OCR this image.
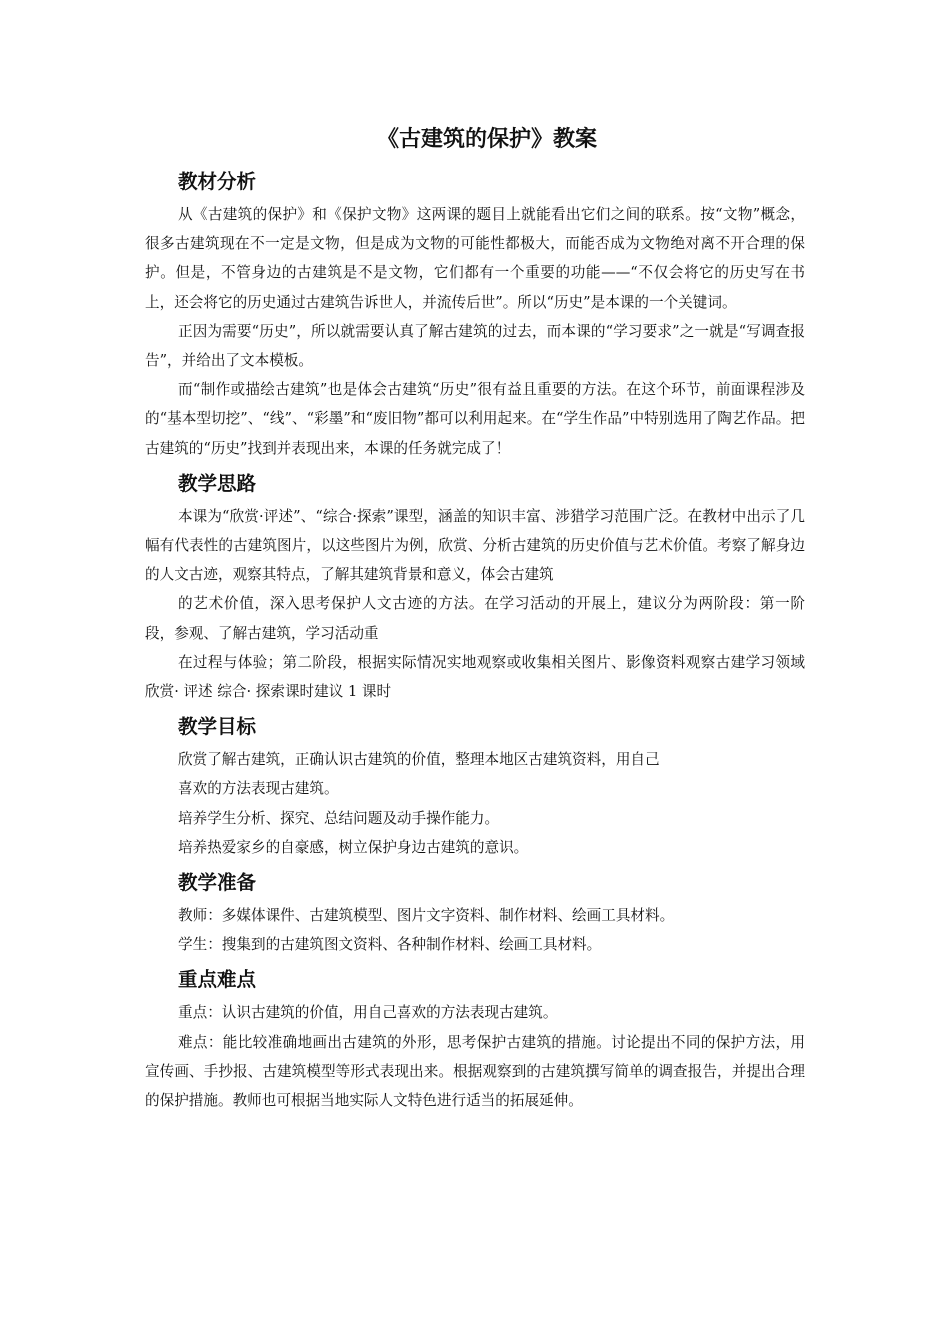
《古建筑的保护》教案
教材分析

从《古建筑的保护》和《保护文物》这两课的题目上就能看出它们之间的联系。按“文物”概念，很多古建筑现在不一定是文物，但是成为文物的可能性都极大，而能否成为文物绝对离不开合理的保护。但是，不管身边的古建筑是不是文物，它们都有一个重要的功能——“不仅会将它的历史写在书上，还会将它的历史通过古建筑告诉世人，并流传后世”。所以“历史”是本课的一个关键词。

正因为需要“历史”，所以就需要认真了解古建筑的过去，而本课的“学习要求”之一就是“写调查报告”，并给出了文本模板。

而“制作或描绘古建筑”也是体会古建筑“历史”很有益且重要的方法。在这个环节，前面课程涉及的“基本型切挖”、“线”、“彩墨”和“废旧物”都可以利用起来。在“学生作品”中特别选用了陶艺作品。把古建筑的“历史”找到并表现出来，本课的任务就完成了！

教学思路

本课为“欣赏·评述”、“综合·探索”课型，涵盖的知识丰富、涉猎学习范围广泛。在教材中出示了几幅有代表性的古建筑图片，以这些图片为例，欣赏、分析古建筑的历史价值与艺术价值。考察了解身边的人文古迹，观察其特点，了解其建筑背景和意义，体会古建筑

的艺术价值，深入思考保护人文古迹的方法。在学习活动的开展上，建议分为两阶段：第一阶段，参观、了解古建筑，学习活动重

在过程与体验；第二阶段，根据实际情况实地观察或收集相关图片、影像资料观察古建学习领域欣赏· 评述 综合· 探索课时建议 1 课时

教学目标

欣赏了解古建筑，正确认识古建筑的价值，整理本地区古建筑资料，用自己

喜欢的方法表现古建筑。

培养学生分析、探究、总结问题及动手操作能力。

培养热爱家乡的自豪感，树立保护身边古建筑的意识。

教学准备

教师：多媒体课件、古建筑模型、图片文字资料、制作材料、绘画工具材料。

学生：搜集到的古建筑图文资料、各种制作材料、绘画工具材料。

重点难点

重点：认识古建筑的价值，用自己喜欢的方法表现古建筑。

难点：能比较准确地画出古建筑的外形，思考保护古建筑的措施。讨论提出不同的保护方法，用宣传画、手抄报、古建筑模型等形式表现出来。根据观察到的古建筑撰写简单的调查报告，并提出合理的保护措施。教师也可根据当地实际人文特色进行适当的拓展延伸。
